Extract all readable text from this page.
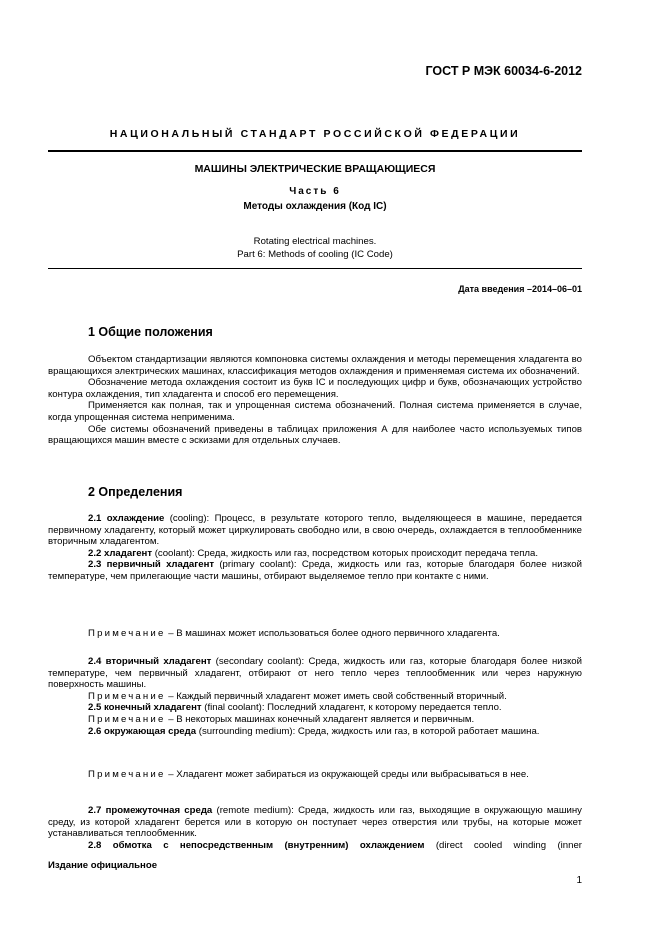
ГОСТ Р МЭК 60034-6-2012
НАЦИОНАЛЬНЫЙ СТАНДАРТ РОССИЙСКОЙ ФЕДЕРАЦИИ
МАШИНЫ ЭЛЕКТРИЧЕСКИЕ ВРАЩАЮЩИЕСЯ
Часть 6
Методы охлаждения (Код IC)
Rotating electrical machines.
Part 6: Methods of cooling (IC Code)
Дата введения –2014–06–01
1 Общие положения

Объектом стандартизации являются компоновка системы охлаждения и методы перемещения хладагента во вращающихся электрических машинах, классификация методов охлаждения и применяемая система их обозначений.

Обозначение метода охлаждения состоит из букв IC и последующих цифр и букв, обозначающих устройство контура охлаждения, тип хладагента и способ его перемещения.

Применяется как полная, так и упрощенная система обозначений. Полная система применяется в случае, когда упрощенная система неприменима.

Обе системы обозначений приведены в таблицах приложения А для наиболее часто используемых типов вращающихся машин вместе с эскизами для отдельных случаев.

2 Определения

2.1 охлаждение (cooling): Процесс, в результате которого тепло, выделяющееся в машине, передается первичному хладагенту, который может циркулировать свободно или, в свою очередь, охлаждается в теплообменнике вторичным хладагентом.

2.2 хладагент (coolant): Среда, жидкость или газ, посредством которых происходит передача тепла.

2.3 первичный хладагент (primary coolant): Среда, жидкость или газ, которые благодаря более низкой температуре, чем прилегающие части машины, отбирают выделяемое тепло при контакте с ними.

Примечание – В машинах может использоваться более одного первичного хладагента.

2.4 вторичный хладагент (secondary coolant): Среда, жидкость или газ, которые благодаря более низкой температуре, чем первичный хладагент, отбирают от него тепло через теплообменник или через наружную поверхность машины.

Примечание – Каждый первичный хладагент может иметь свой собственный вторичный.

2.5 конечный хладагент (final coolant): Последний хладагент, к которому передается тепло.

Примечание – В некоторых машинах конечный хладагент является и первичным.

2.6 окружающая среда (surrounding medium): Среда, жидкость или газ, в которой работает машина.

Примечание – Хладагент может забираться из окружающей среды или выбрасываться в нее.

2.7 промежуточная среда (remote medium): Среда, жидкость или газ, выходящие в окружающую машину среду, из которой хладагент берется или в которую он поступает через отверстия или трубы, на которые может устанавливаться теплообменник.

2.8 обмотка с непосредственным (внутренним) охлаждением (direct cooled winding (inner

Издание официальное
1
